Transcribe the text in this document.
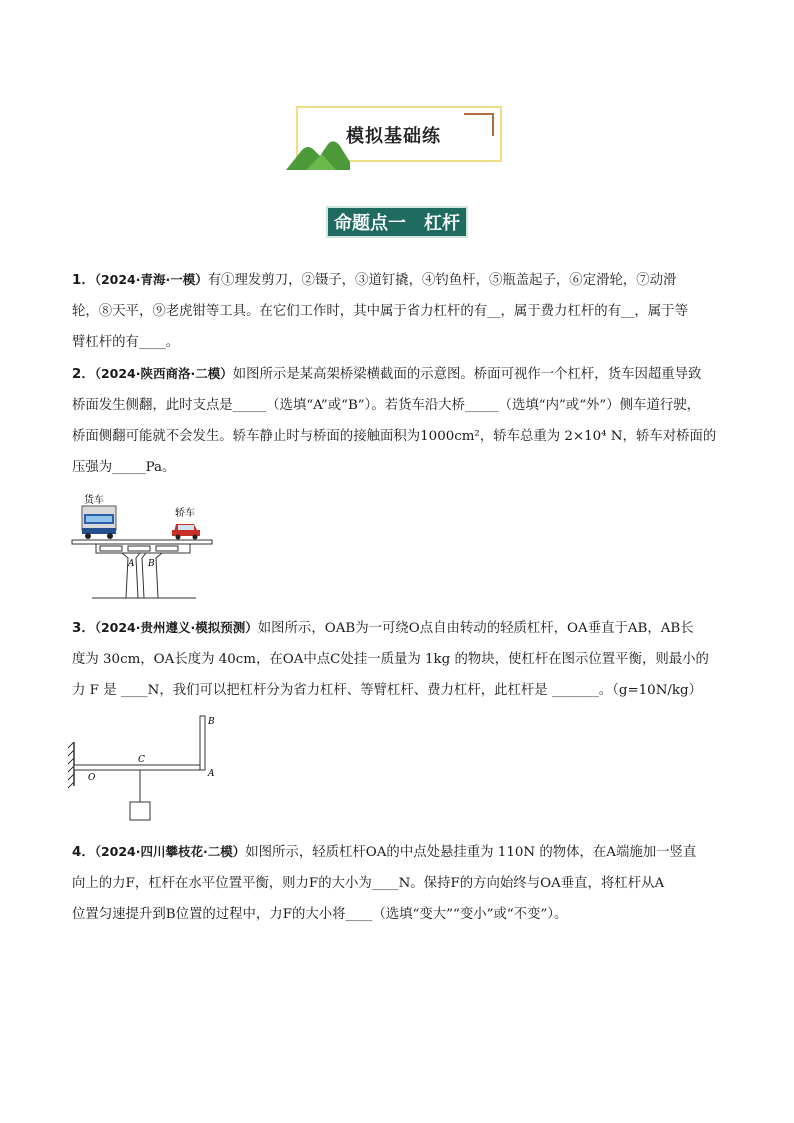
模拟基础练
命题点一 杠杆
1．（2024·青海·一模）有①理发剪刀，②镊子，③道钉撬，④钓鱼杆，⑤瓶盖起子，⑥定滑轮，⑦动滑
轮，⑧天平，⑨老虎钳等工具。在它们工作时，其中属于省力杠杆的有__，属于费力杠杆的有__，属于等
臂杠杆的有____。
2．（2024·陕西商洛·二模）如图所示是某高架桥梁横截面的示意图。桥面可视作一个杠杆，货车因超重导致
桥面发生侧翻，此时支点是_____（选填“A”或“B”）。若货车沿大桥_____（选填“内”或“外”）侧车道行驶，
桥面侧翻可能就不会发生。轿车静止时与桥面的接触面积为1000cm²，轿车总重为 2×10⁴ N，轿车对桥面的
压强为_____Pa。
货车
轿车
A B
3．（2024·贵州遵义·模拟预测）如图所示，OAB为一可绕O点自由转动的轻质杠杆，OA垂直于AB，AB长
度为 30cm，OA长度为 40cm，在OA中点C处挂一质量为 1kg 的物块，使杠杆在图示位置平衡，则最小的
力 F 是 ____N，我们可以把杠杆分为省力杠杆、等臂杠杆、费力杠杆，此杠杆是 _______。（g=10N/kg）
O
C
A
B
4．（2024·四川攀枝花·二模）如图所示，轻质杠杆OA的中点处悬挂重为 110N 的物体，在A端施加一竖直
向上的力F，杠杆在水平位置平衡，则力F的大小为____N。保持F的方向始终与OA垂直，将杠杆从A
位置匀速提升到B位置的过程中，力F的大小将____（选填“变大”“变小”或“不变”）。
